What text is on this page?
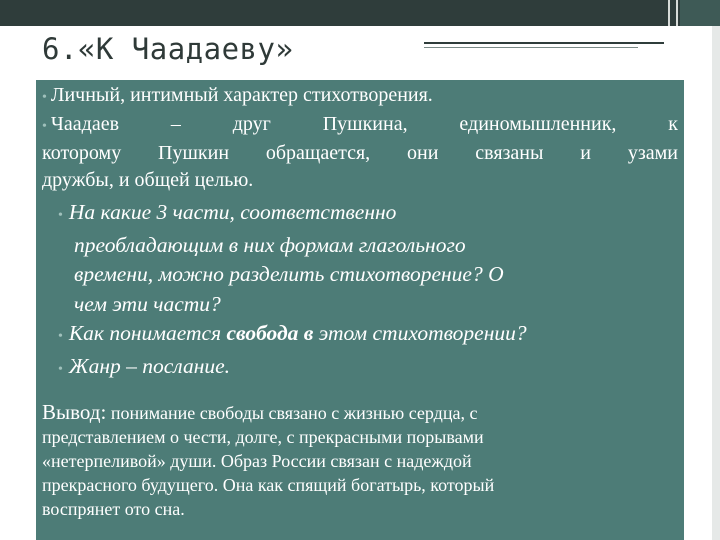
6.«К Чаадаеву»
• Личный, интимный характер стихотворения.
• Чаадаев – друг Пушкина, единомышленник, к
которому Пушкин обращается, они связаны и узами
дружбы, и общей целью.
• На какие 3 части, соответственно
преобладающим в них формам глагольного
времени, можно разделить стихотворение? О
чем эти части?
• Как понимается свобода в этом стихотворении?
• Жанр – послание.
Вывод: понимание свободы связано с жизнью сердца, с
представлением о чести, долге, с прекрасными порывами
«нетерпеливой» души. Образ России связан с надеждой
прекрасного будущего. Она как спящий богатырь, который
воспрянет ото сна.
